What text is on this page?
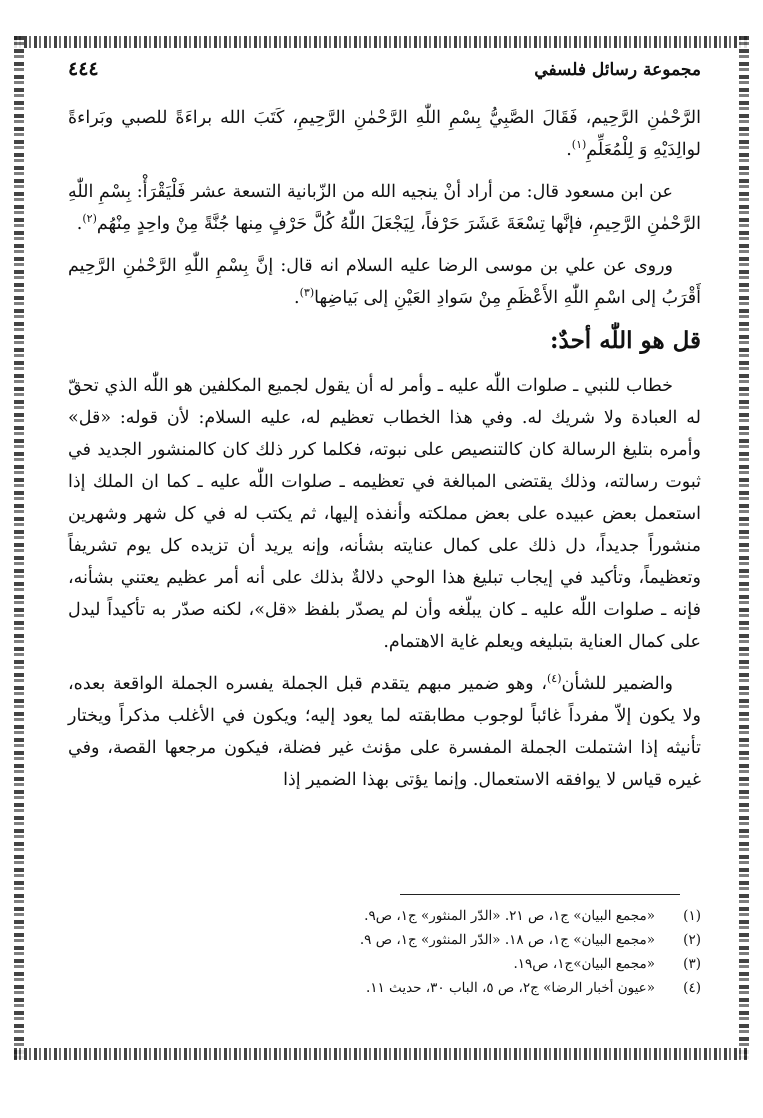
مجموعة رسائل فلسفي
٤٤٤

الرَّحْمٰنِ الرَّحِيم، فَقَالَ الصَّبِيُّ بِسْمِ اللّٰهِ الرَّحْمٰنِ الرَّحِيمِ، كَتَبَ الله براءَةً للصبي وبَراءةً لوالِدَيْهِ وَ لِلْمُعَلِّمِ$^{(١)}$.

عن ابن مسعود قال: من أراد أنْ ينجيه الله من الزّبانية التسعة عشر فَلْيَقْرَأْ: بِسْمِ اللّٰهِ الرَّحْمٰنِ الرَّحِيمِ، فإنَّها تِسْعَةَ عَشَرَ حَرْفاً، لِيَجْعَلَ اللّٰهُ كُلَّ حَرْفٍ مِنها جُنَّةً مِنْ واحِدٍ مِنْهُم$^{(٢)}$.

وروى عن علي بن موسى الرضا عليه السلام انه قال: إنَّ بِسْمِ اللّٰهِ الرَّحْمٰنِ الرَّحِيم أَقْرَبُ إلى اسْمِ اللّٰهِ الأَعْظَمِ مِنْ سَوادِ العَيْنِ إلى بَياضِها$^{(٣)}$.

قل هو اللّٰه أحدٌ:

خطاب للنبي ـ صلوات اللّٰه عليه ـ وأمر له أن يقول لجميع المكلفين هو اللّٰه الذي تحقّ له العبادة ولا شريك له. وفي هذا الخطاب تعظيم له، عليه السلام: لأن قوله: «قل» وأمره بتليغ الرسالة كان كالتنصيص على نبوته، فكلما كرر ذلك كان كالمنشور الجديد في ثبوت رسالته، وذلك يقتضى المبالغة في تعظيمه ـ صلوات اللّٰه عليه ـ كما ان الملك إذا استعمل بعض عبيده على بعض مملكته وأنفذه إليها، ثم يكتب له في كل شهر وشهرين منشوراً جديداً، دل ذلك على كمال عنايته بشأنه، وإنه يريد أن تزيده كل يوم تشريفاً وتعظيماً، وتأكيد في إيجاب تبليغ هذا الوحي دلالةٌ بذلك على أنه أمر عظيم يعتني بشأنه، فإنه ـ صلوات اللّٰه عليه ـ كان يبلّغه وأن لم يصدّر بلفظ «قل»، لكنه صدّر به تأكيداً ليدل على كمال العناية بتبليغه ويعلم غاية الاهتمام.

والضمير للشأن$^{(٤)}$، وهو ضمير مبهم يتقدم قبل الجملة يفسره الجملة الواقعة بعده، ولا يكون إلاّ مفرداً غائباً لوجوب مطابقته لما يعود إليه؛ ويكون في الأغلب مذكراً ويختار تأنيثه إذا اشتملت الجملة المفسرة على مؤنث غير فضلة، فيكون مرجعها القصة، وفي غيره قياس لا يوافقه الاستعمال. وإنما يؤتى بهذا الضمير إذا

(١)
«مجمع البيان» ج١، ص ٢١. «الدّر المنثور» ج١، ص٩.
(٢)
«مجمع البيان» ج١، ص ١٨. «الدّر المنثور» ج١، ص ٩.
(٣)
«مجمع البيان»ج١، ص١٩.
(٤)
«عيون أخبار الرضا» ج٢، ص ٥، الباب ٣٠، حديث ١١.
